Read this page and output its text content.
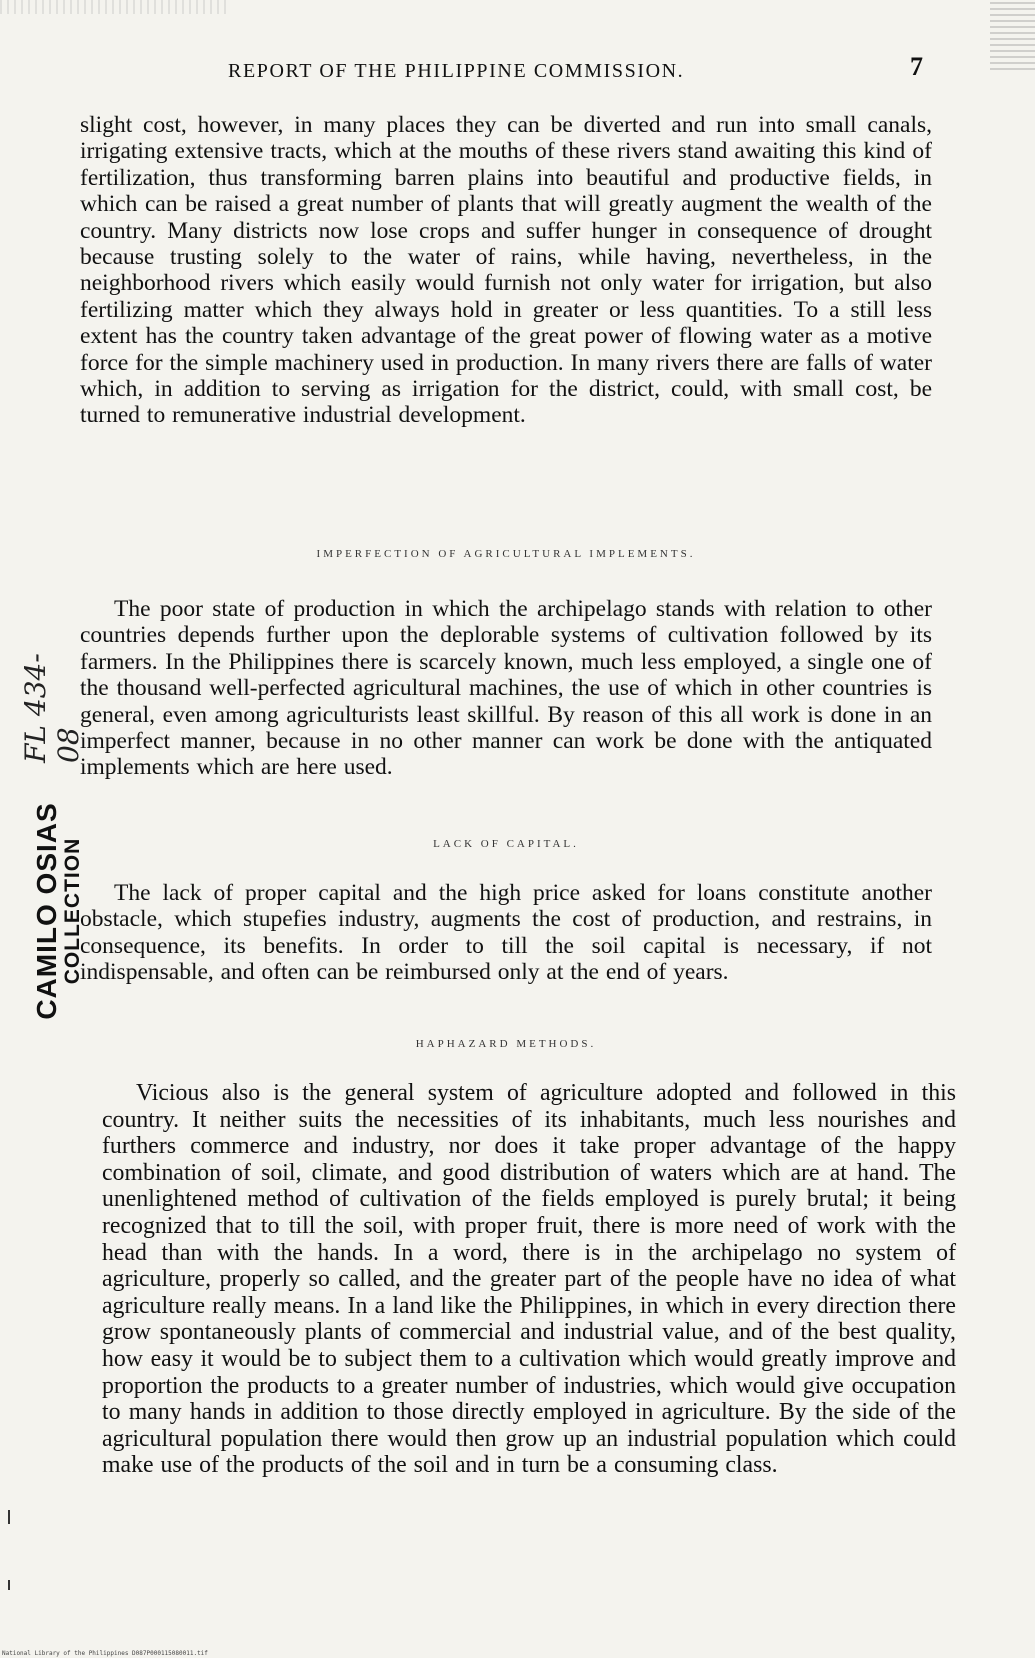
REPORT OF THE PHILIPPINE COMMISSION.	7
slight cost, however, in many places they can be diverted and run into small canals, irrigating extensive tracts, which at the mouths of these rivers stand awaiting this kind of fertilization, thus transforming barren plains into beautiful and productive fields, in which can be raised a great number of plants that will greatly augment the wealth of the country. Many districts now lose crops and suffer hunger in consequence of drought because trusting solely to the water of rains, while having, nevertheless, in the neighborhood rivers which easily would furnish not only water for irrigation, but also fertilizing matter which they always hold in greater or less quantities. To a still less extent has the country taken advantage of the great power of flowing water as a motive force for the simple machinery used in production. In many rivers there are falls of water which, in addition to serving as irrigation for the district, could, with small cost, be turned to remunerative industrial development.
IMPERFECTION OF AGRICULTURAL IMPLEMENTS.
The poor state of production in which the archipelago stands with relation to other countries depends further upon the deplorable systems of cultivation followed by its farmers. In the Philippines there is scarcely known, much less employed, a single one of the thousand well-perfected agricultural machines, the use of which in other countries is general, even among agriculturists least skillful. By reason of this all work is done in an imperfect manner, because in no other manner can work be done with the antiquated implements which are here used.
LACK OF CAPITAL.
The lack of proper capital and the high price asked for loans constitute another obstacle, which stupefies industry, augments the cost of production, and restrains, in consequence, its benefits. In order to till the soil capital is necessary, if not indispensable, and often can be reimbursed only at the end of years.
HAPHAZARD METHODS.
Vicious also is the general system of agriculture adopted and followed in this country. It neither suits the necessities of its inhabitants, much less nourishes and furthers commerce and industry, nor does it take proper advantage of the happy combination of soil, climate, and good distribution of waters which are at hand. The unenlightened method of cultivation of the fields employed is purely brutal; it being recognized that to till the soil, with proper fruit, there is more need of work with the head than with the hands. In a word, there is in the archipelago no system of agriculture, properly so called, and the greater part of the people have no idea of what agriculture really means. In a land like the Philippines, in which in every direction there grow spontaneously plants of commercial and industrial value, and of the best quality, how easy it would be to subject them to a cultivation which would greatly improve and proportion the products to a greater number of industries, which would give occupation to many hands in addition to those directly employed in agriculture. By the side of the agricultural population there would then grow up an industrial population which could make use of the products of the soil and in turn be a consuming class.
FL 434-08
CAMILO OSIAS COLLECTION
National Library of the Philippines D087P000115080011.tif
